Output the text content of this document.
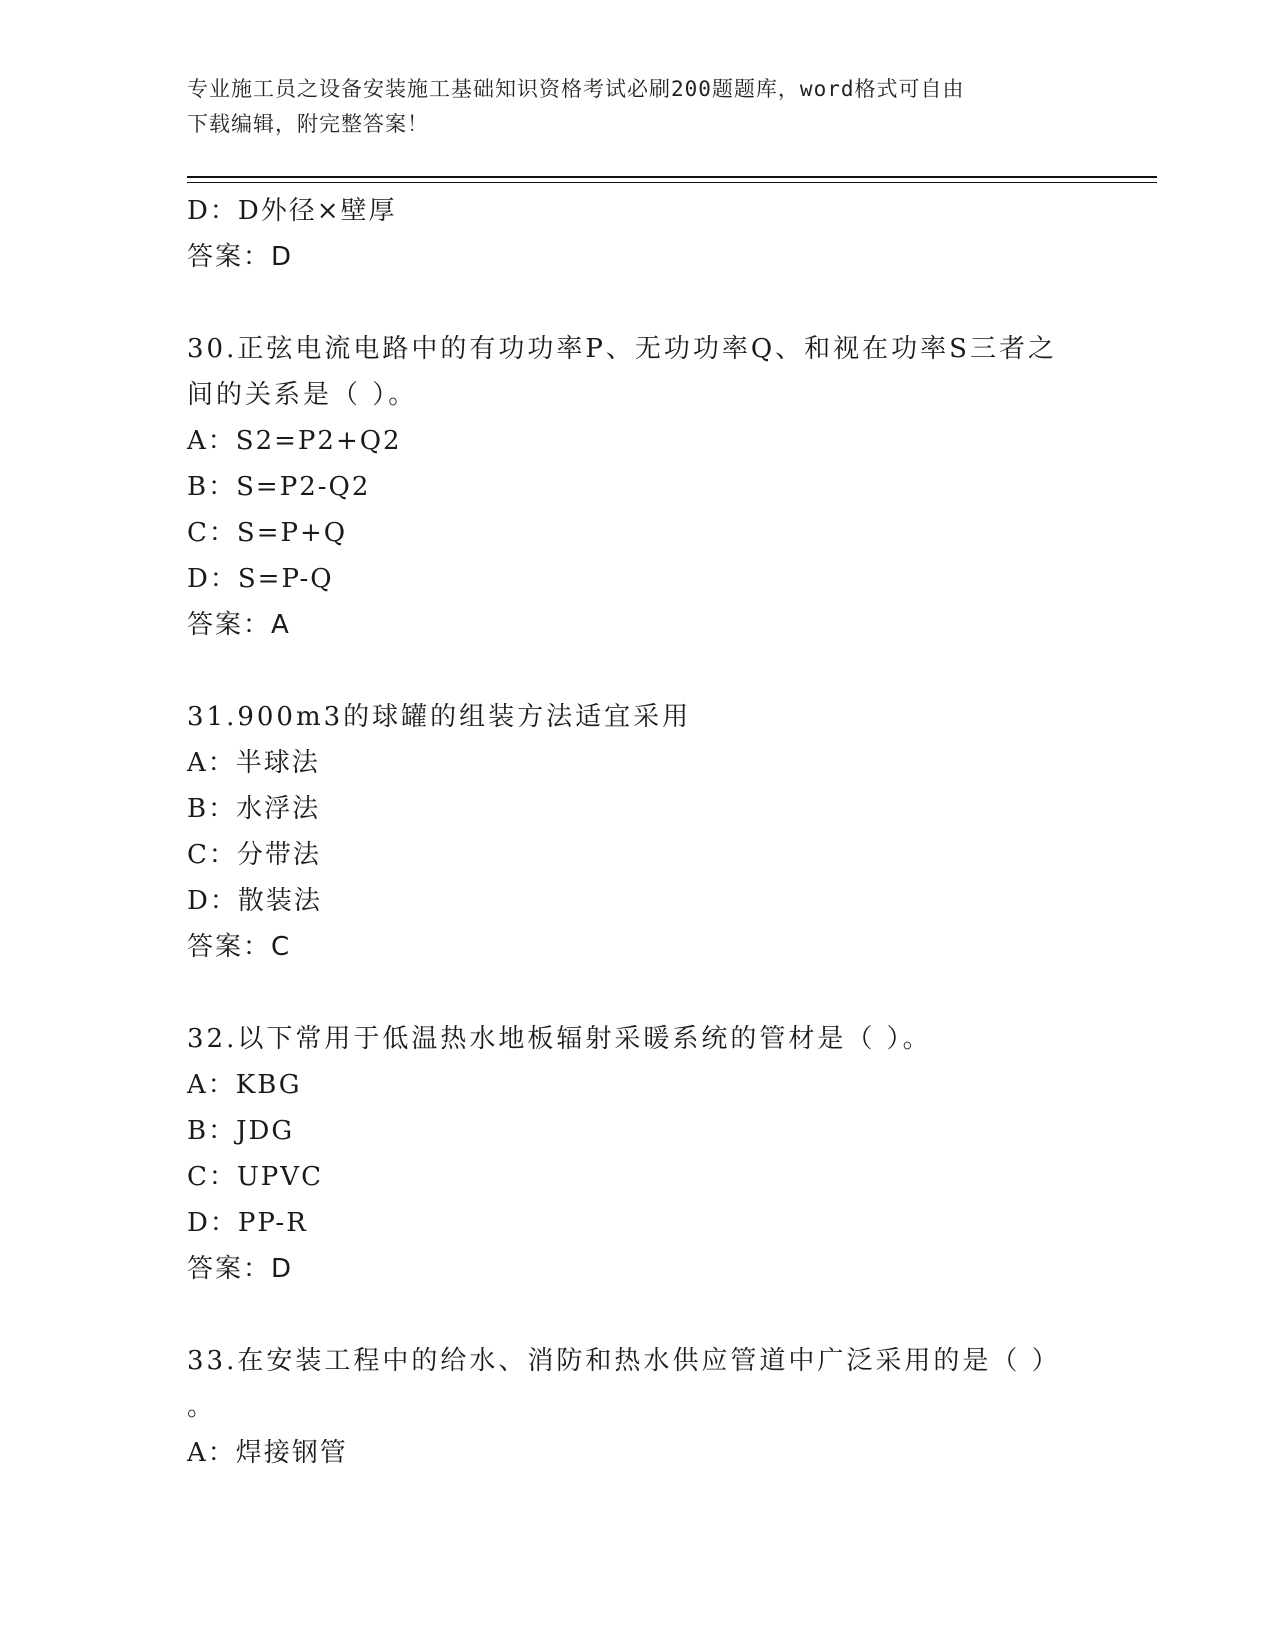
专业施工员之设备安装施工基础知识资格考试必刷200题题库，word格式可自由
下载编辑，附完整答案！
D：D外径×壁厚
答案：D
30.正弦电流电路中的有功功率P、无功功率Q、和视在功率S三者之
间的关系是（ ）。
A：S2=P2+Q2
B：S=P2-Q2
C：S=P+Q
D：S=P-Q
答案：A
31.900m3的球罐的组装方法适宜采用
A：半球法
B：水浮法
C：分带法
D：散装法
答案：C
32.以下常用于低温热水地板辐射采暖系统的管材是（ ）。
A：KBG
B：JDG
C：UPVC
D：PP-R
答案：D
33.在安装工程中的给水、消防和热水供应管道中广泛采用的是（ ）
。
A：焊接钢管
